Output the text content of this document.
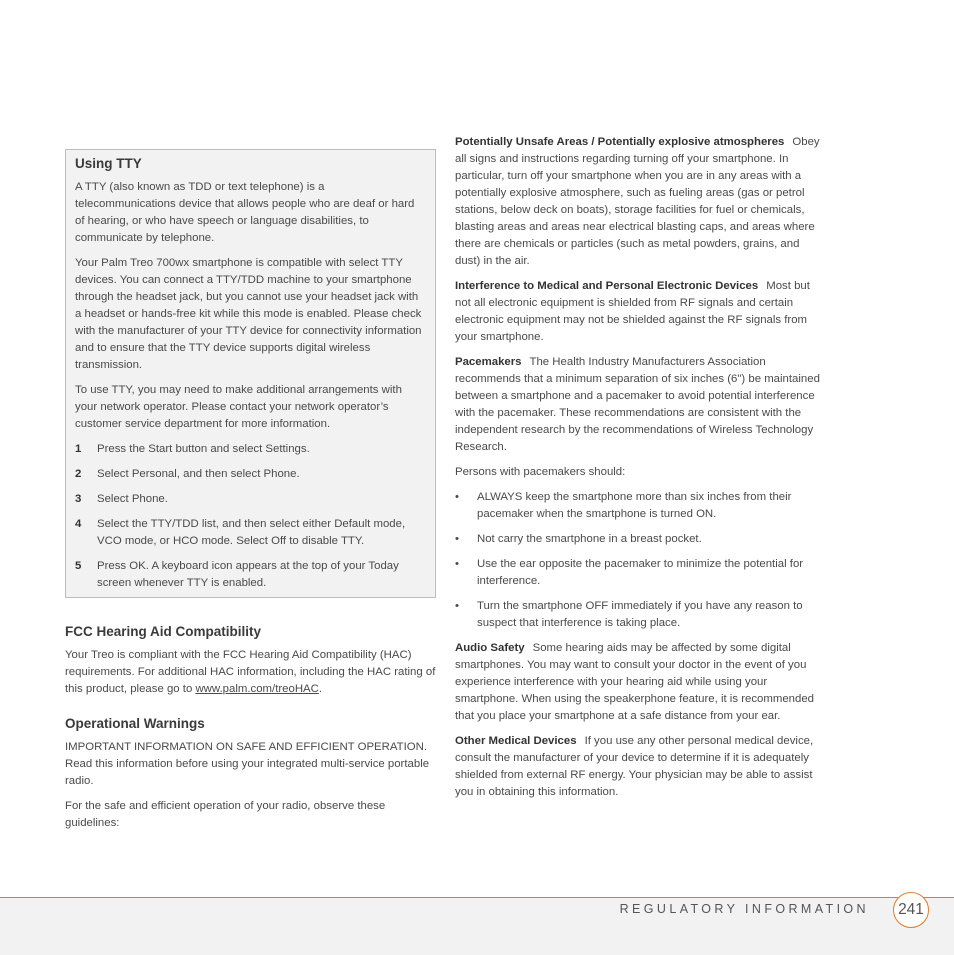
Using TTY

A TTY (also known as TDD or text telephone) is a telecommunications device that allows people who are deaf or hard of hearing, or who have speech or language disabilities, to communicate by telephone.

Your Palm Treo 700wx smartphone is compatible with select TTY devices. You can connect a TTY/TDD machine to your smartphone through the headset jack, but you cannot use your headset jack with a headset or hands-free kit while this mode is enabled. Please check with the manufacturer of your TTY device for connectivity information and to ensure that the TTY device supports digital wireless transmission.

To use TTY, you may need to make additional arrangements with your network operator. Please contact your network operator’s customer service department for more information.

1 Press the Start button and select Settings.
2 Select Personal, and then select Phone.
3 Select Phone.
4 Select the TTY/TDD list, and then select either Default mode, VCO mode, or HCO mode. Select Off to disable TTY.
5 Press OK. A keyboard icon appears at the top of your Today screen whenever TTY is enabled.
FCC Hearing Aid Compatibility

Your Treo is compliant with the FCC Hearing Aid Compatibility (HAC) requirements. For additional HAC information, including the HAC rating of this product, please go to www.palm.com/treoHAC.

Operational Warnings

IMPORTANT INFORMATION ON SAFE AND EFFICIENT OPERATION. Read this information before using your integrated multi-service portable radio.

For the safe and efficient operation of your radio, observe these guidelines:

Potentially Unsafe Areas / Potentially explosive atmospheres Obey all signs and instructions regarding turning off your smartphone. In particular, turn off your smartphone when you are in any areas with a potentially explosive atmosphere, such as fueling areas (gas or petrol stations, below deck on boats), storage facilities for fuel or chemicals, blasting areas and areas near electrical blasting caps, and areas where there are chemicals or particles (such as metal powders, grains, and dust) in the air.

Interference to Medical and Personal Electronic Devices Most but not all electronic equipment is shielded from RF signals and certain electronic equipment may not be shielded against the RF signals from your smartphone.

Pacemakers The Health Industry Manufacturers Association recommends that a minimum separation of six inches (6") be maintained between a smartphone and a pacemaker to avoid potential interference with the pacemaker. These recommendations are consistent with the independent research by the recommendations of Wireless Technology Research.

Persons with pacemakers should:

• ALWAYS keep the smartphone more than six inches from their pacemaker when the smartphone is turned ON.
• Not carry the smartphone in a breast pocket.
• Use the ear opposite the pacemaker to minimize the potential for interference.
• Turn the smartphone OFF immediately if you have any reason to suspect that interference is taking place.

Audio Safety Some hearing aids may be affected by some digital smartphones. You may want to consult your doctor in the event of you experience interference with your hearing aid while using your smartphone. When using the speakerphone feature, it is recommended that you place your smartphone at a safe distance from your ear.

Other Medical Devices If you use any other personal medical device, consult the manufacturer of your device to determine if it is adequately shielded from external RF energy. Your physician may be able to assist you in obtaining this information.

REGULATORY INFORMATION	241
